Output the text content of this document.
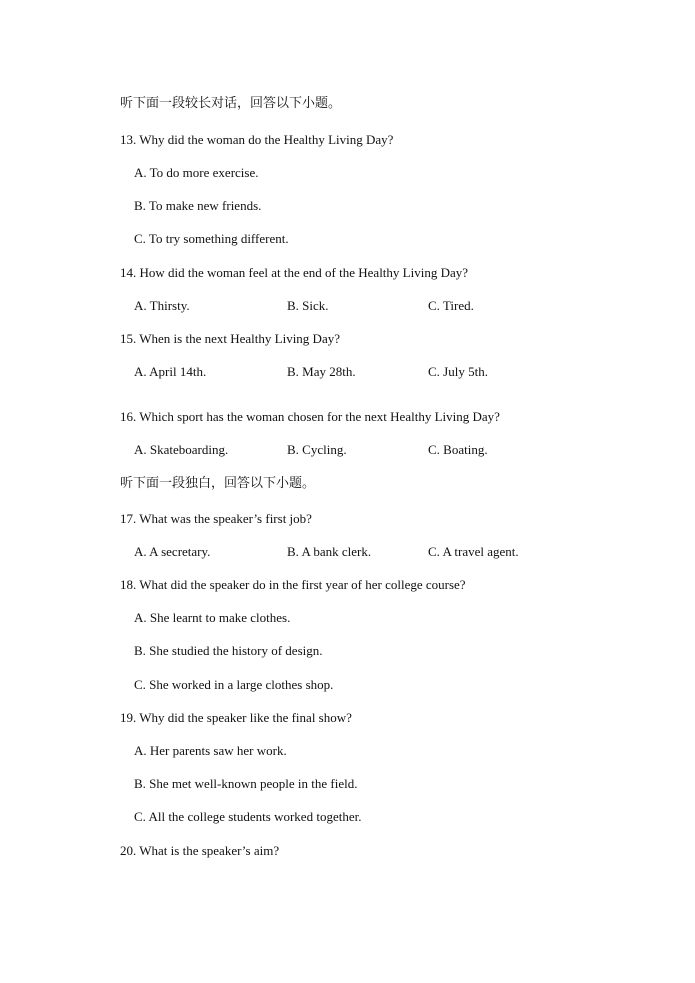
听下面一段较长对话，回答以下小题。
13. Why did the woman do the Healthy Living Day?
A. To do more exercise.
B. To make new friends.
C. To try something different.
14. How did the woman feel at the end of the Healthy Living Day?
A. Thirsty.	B. Sick.	C. Tired.
15. When is the next Healthy Living Day?
A. April 14th.	B. May 28th.	C. July 5th.
16. Which sport has the woman chosen for the next Healthy Living Day?
A. Skateboarding.	B. Cycling.	C. Boating.
听下面一段独白，回答以下小题。
17. What was the speaker’s first job?
A. A secretary.	B. A bank clerk.	C. A travel agent.
18. What did the speaker do in the first year of her college course?
A. She learnt to make clothes.
B. She studied the history of design.
C. She worked in a large clothes shop.
19. Why did the speaker like the final show?
A. Her parents saw her work.
B. She met well-known people in the field.
C. All the college students worked together.
20. What is the speaker’s aim?
